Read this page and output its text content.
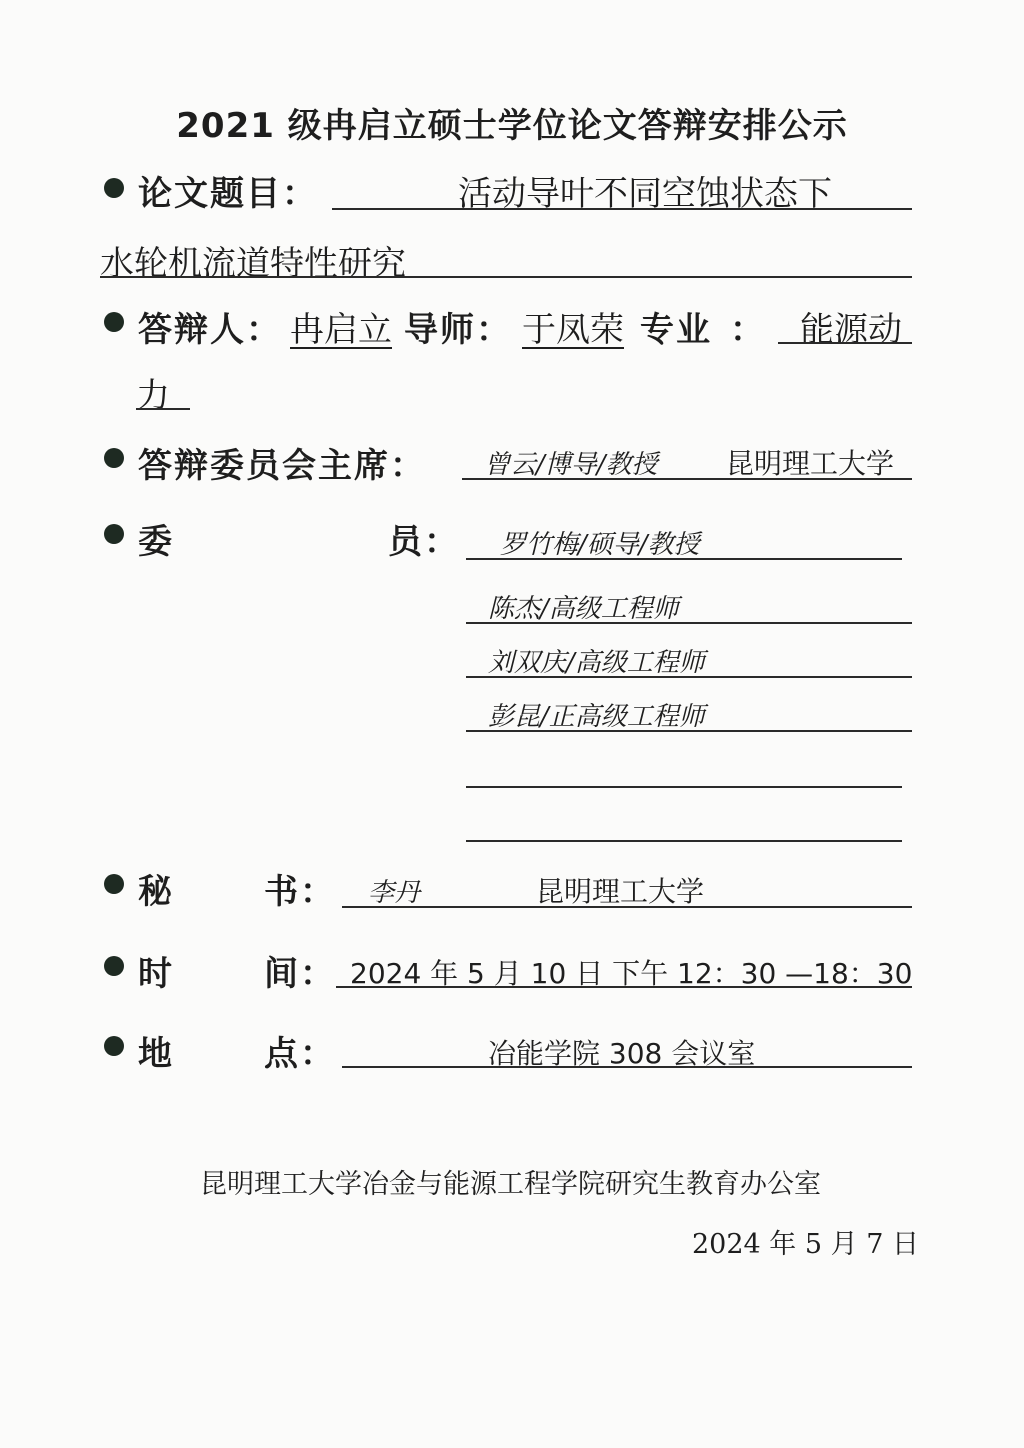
2021 级冉启立硕士学位论文答辩安排公示
论文题目：	活动导叶不同空蚀状态下
水轮机流道特性研究
答辩人： 冉启立 导师： 于凤荣 专业 ： 能源动
力
答辩委员会主席： 曾云/博导/教授 昆明理工大学
委	员： 罗竹梅/硕导/教授
陈杰/高级工程师
刘双庆/高级工程师
彭昆/正高级工程师
秘	书： 李丹	昆明理工大学
时	间： 2024 年 5 月 10 日 下午 12：30 —18：30
地	点：	冶能学院 308 会议室
昆明理工大学冶金与能源工程学院研究生教育办公室
2024 年 5 月 7 日
